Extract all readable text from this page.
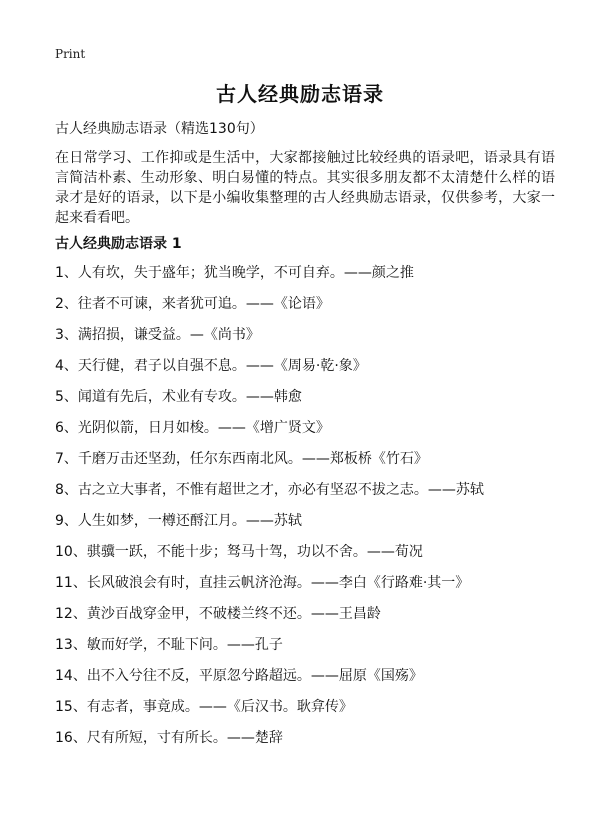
Print
古人经典励志语录
古人经典励志语录（精选130句）
在日常学习、工作抑或是生活中，大家都接触过比较经典的语录吧，语录具有语言简洁朴素、生动形象、明白易懂的特点。其实很多朋友都不太清楚什么样的语录才是好的语录，以下是小编收集整理的古人经典励志语录，仅供参考，大家一起来看看吧。
古人经典励志语录 1
1、人有坎，失于盛年；犹当晚学，不可自弃。——颜之推
2、往者不可谏，来者犹可追。——《论语》
3、满招损，谦受益。—《尚书》
4、天行健，君子以自强不息。——《周易·乾·象》
5、闻道有先后，术业有专攻。——韩愈
6、光阴似箭，日月如梭。——《增广贤文》
7、千磨万击还坚劲，任尔东西南北风。——郑板桥《竹石》
8、古之立大事者，不惟有超世之才，亦必有坚忍不拔之志。——苏轼
9、人生如梦，一樽还酹江月。——苏轼
10、骐骥一跃，不能十步；驽马十驾，功以不舍。——荀况
11、长风破浪会有时，直挂云帆济沧海。——李白《行路难·其一》
12、黄沙百战穿金甲，不破楼兰终不还。——王昌龄
13、敏而好学，不耻下问。——孔子
14、出不入兮往不反，平原忽兮路超远。——屈原《国殇》
15、有志者，事竟成。——《后汉书。耿弇传》
16、尺有所短，寸有所长。——楚辞
